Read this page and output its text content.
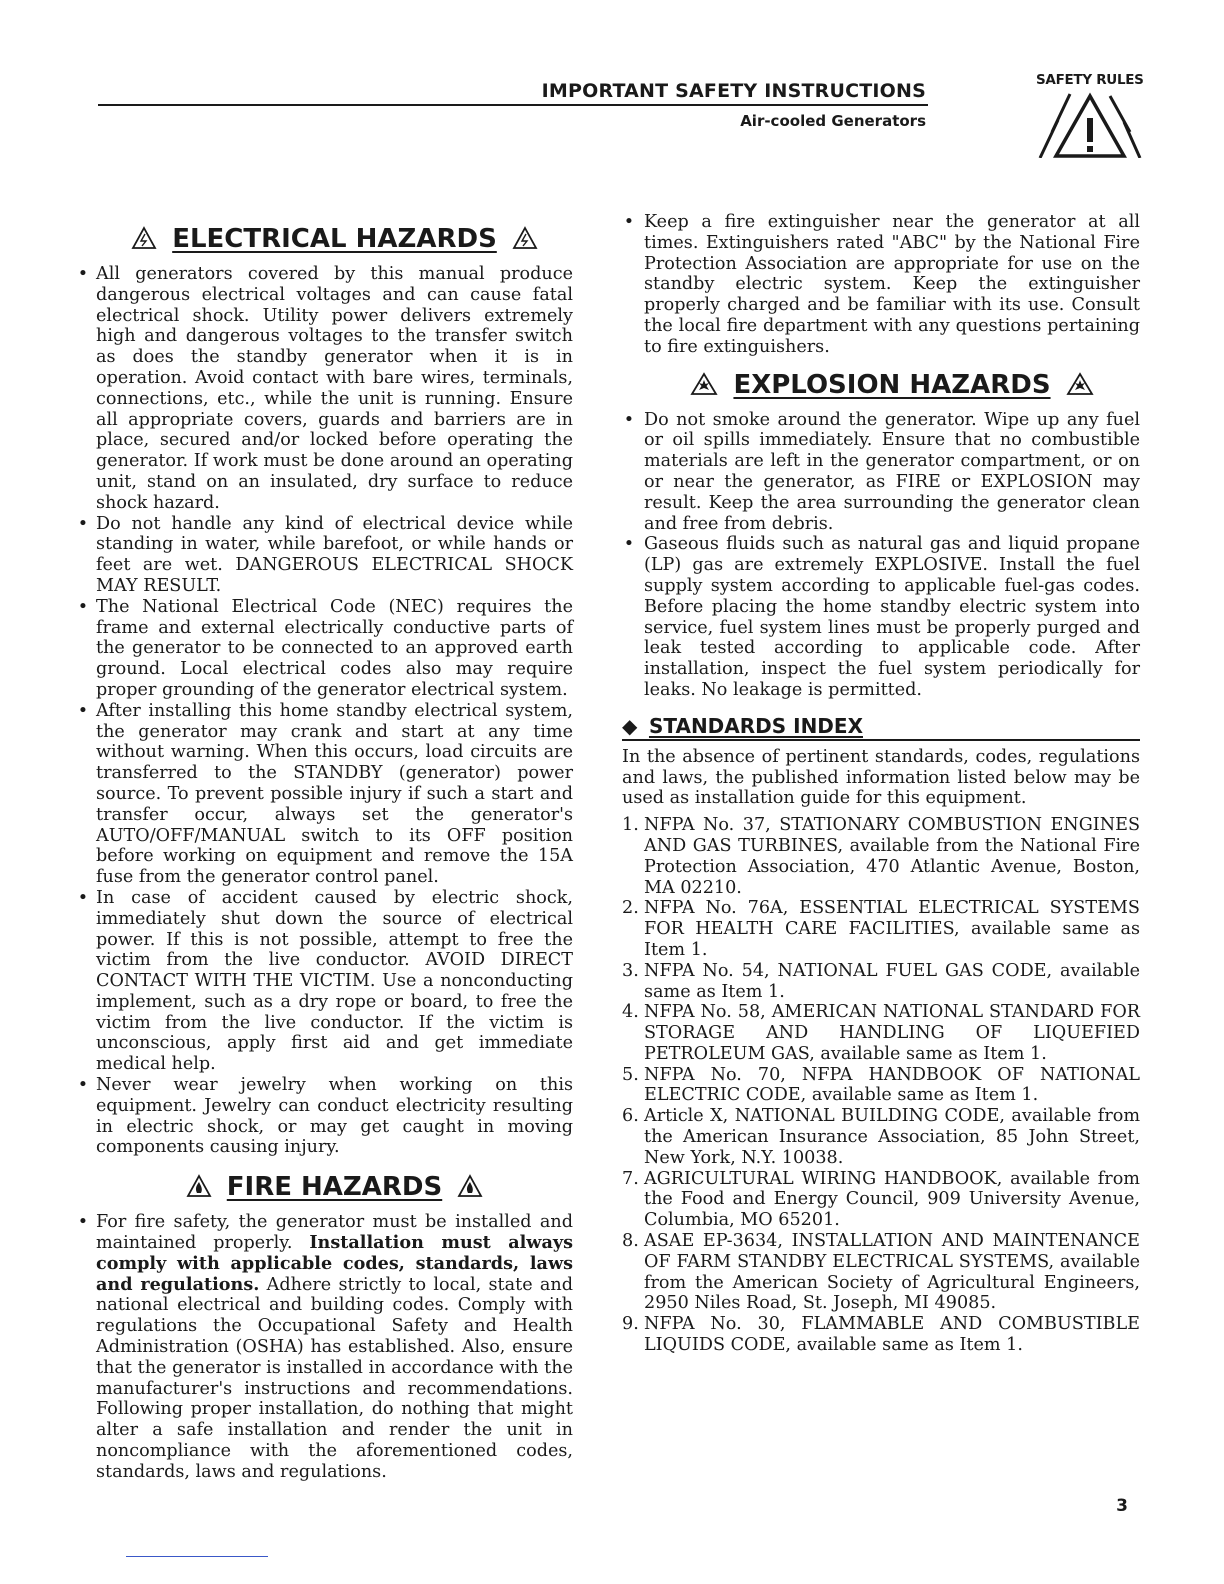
IMPORTANT SAFETY INSTRUCTIONS
Air-cooled Generators
SAFETY RULES
ELECTRICAL HAZARDS
• All generators covered by this manual produce dangerous electrical voltages and can cause fatal electrical shock. Utility power delivers extremely high and dangerous voltages to the transfer switch as does the standby generator when it is in operation. Avoid contact with bare wires, terminals, connections, etc., while the unit is running. Ensure all appropriate covers, guards and barriers are in place, secured and/or locked before operating the generator. If work must be done around an operating unit, stand on an insulated, dry surface to reduce shock hazard.
• Do not handle any kind of electrical device while standing in water, while barefoot, or while hands or feet are wet. DANGEROUS ELECTRICAL SHOCK MAY RESULT.
• The National Electrical Code (NEC) requires the frame and external electrically conductive parts of the generator to be connected to an approved earth ground. Local electrical codes also may require proper grounding of the generator electrical system.
• After installing this home standby electrical system, the generator may crank and start at any time without warning. When this occurs, load circuits are transferred to the STANDBY (generator) power source. To prevent possible injury if such a start and transfer occur, always set the generator's AUTO/OFF/MANUAL switch to its OFF position before working on equipment and remove the 15A fuse from the generator control panel.
• In case of accident caused by electric shock, immediately shut down the source of electrical power. If this is not possible, attempt to free the victim from the live conductor. AVOID DIRECT CONTACT WITH THE VICTIM. Use a nonconducting implement, such as a dry rope or board, to free the victim from the live conductor. If the victim is unconscious, apply first aid and get immediate medical help.
• Never wear jewelry when working on this equipment. Jewelry can conduct electricity resulting in electric shock, or may get caught in moving components causing injury.
FIRE HAZARDS
• For fire safety, the generator must be installed and maintained properly. Installation must always comply with applicable codes, standards, laws and regulations. Adhere strictly to local, state and national electrical and building codes. Comply with regulations the Occupational Safety and Health Administration (OSHA) has established. Also, ensure that the generator is installed in accordance with the manufacturer's instructions and recommendations. Following proper installation, do nothing that might alter a safe installation and render the unit in noncompliance with the aforementioned codes, standards, laws and regulations.
• Keep a fire extinguisher near the generator at all times. Extinguishers rated "ABC" by the National Fire Protection Association are appropriate for use on the standby electric system. Keep the extinguisher properly charged and be familiar with its use. Consult the local fire department with any questions pertaining to fire extinguishers.
EXPLOSION HAZARDS
• Do not smoke around the generator. Wipe up any fuel or oil spills immediately. Ensure that no combustible materials are left in the generator compartment, or on or near the generator, as FIRE or EXPLOSION may result. Keep the area surrounding the generator clean and free from debris.
• Gaseous fluids such as natural gas and liquid propane (LP) gas are extremely EXPLOSIVE. Install the fuel supply system according to applicable fuel-gas codes. Before placing the home standby electric system into service, fuel system lines must be properly purged and leak tested according to applicable code. After installation, inspect the fuel system periodically for leaks. No leakage is permitted.
◆ STANDARDS INDEX
In the absence of pertinent standards, codes, regulations and laws, the published information listed below may be used as installation guide for this equipment.
1. NFPA No. 37, STATIONARY COMBUSTION ENGINES AND GAS TURBINES, available from the National Fire Protection Association, 470 Atlantic Avenue, Boston, MA 02210.
2. NFPA No. 76A, ESSENTIAL ELECTRICAL SYSTEMS FOR HEALTH CARE FACILITIES, available same as Item 1.
3. NFPA No. 54, NATIONAL FUEL GAS CODE, available same as Item 1.
4. NFPA No. 58, AMERICAN NATIONAL STANDARD FOR STORAGE AND HANDLING OF LIQUEFIED PETROLEUM GAS, available same as Item 1.
5. NFPA No. 70, NFPA HANDBOOK OF NATIONAL ELECTRIC CODE, available same as Item 1.
6. Article X, NATIONAL BUILDING CODE, available from the American Insurance Association, 85 John Street, New York, N.Y. 10038.
7. AGRICULTURAL WIRING HANDBOOK, available from the Food and Energy Council, 909 University Avenue, Columbia, MO 65201.
8. ASAE EP-3634, INSTALLATION AND MAINTENANCE OF FARM STANDBY ELECTRICAL SYSTEMS, available from the American Society of Agricultural Engineers, 2950 Niles Road, St. Joseph, MI 49085.
9. NFPA No. 30, FLAMMABLE AND COMBUSTIBLE LIQUIDS CODE, available same as Item 1.
3
